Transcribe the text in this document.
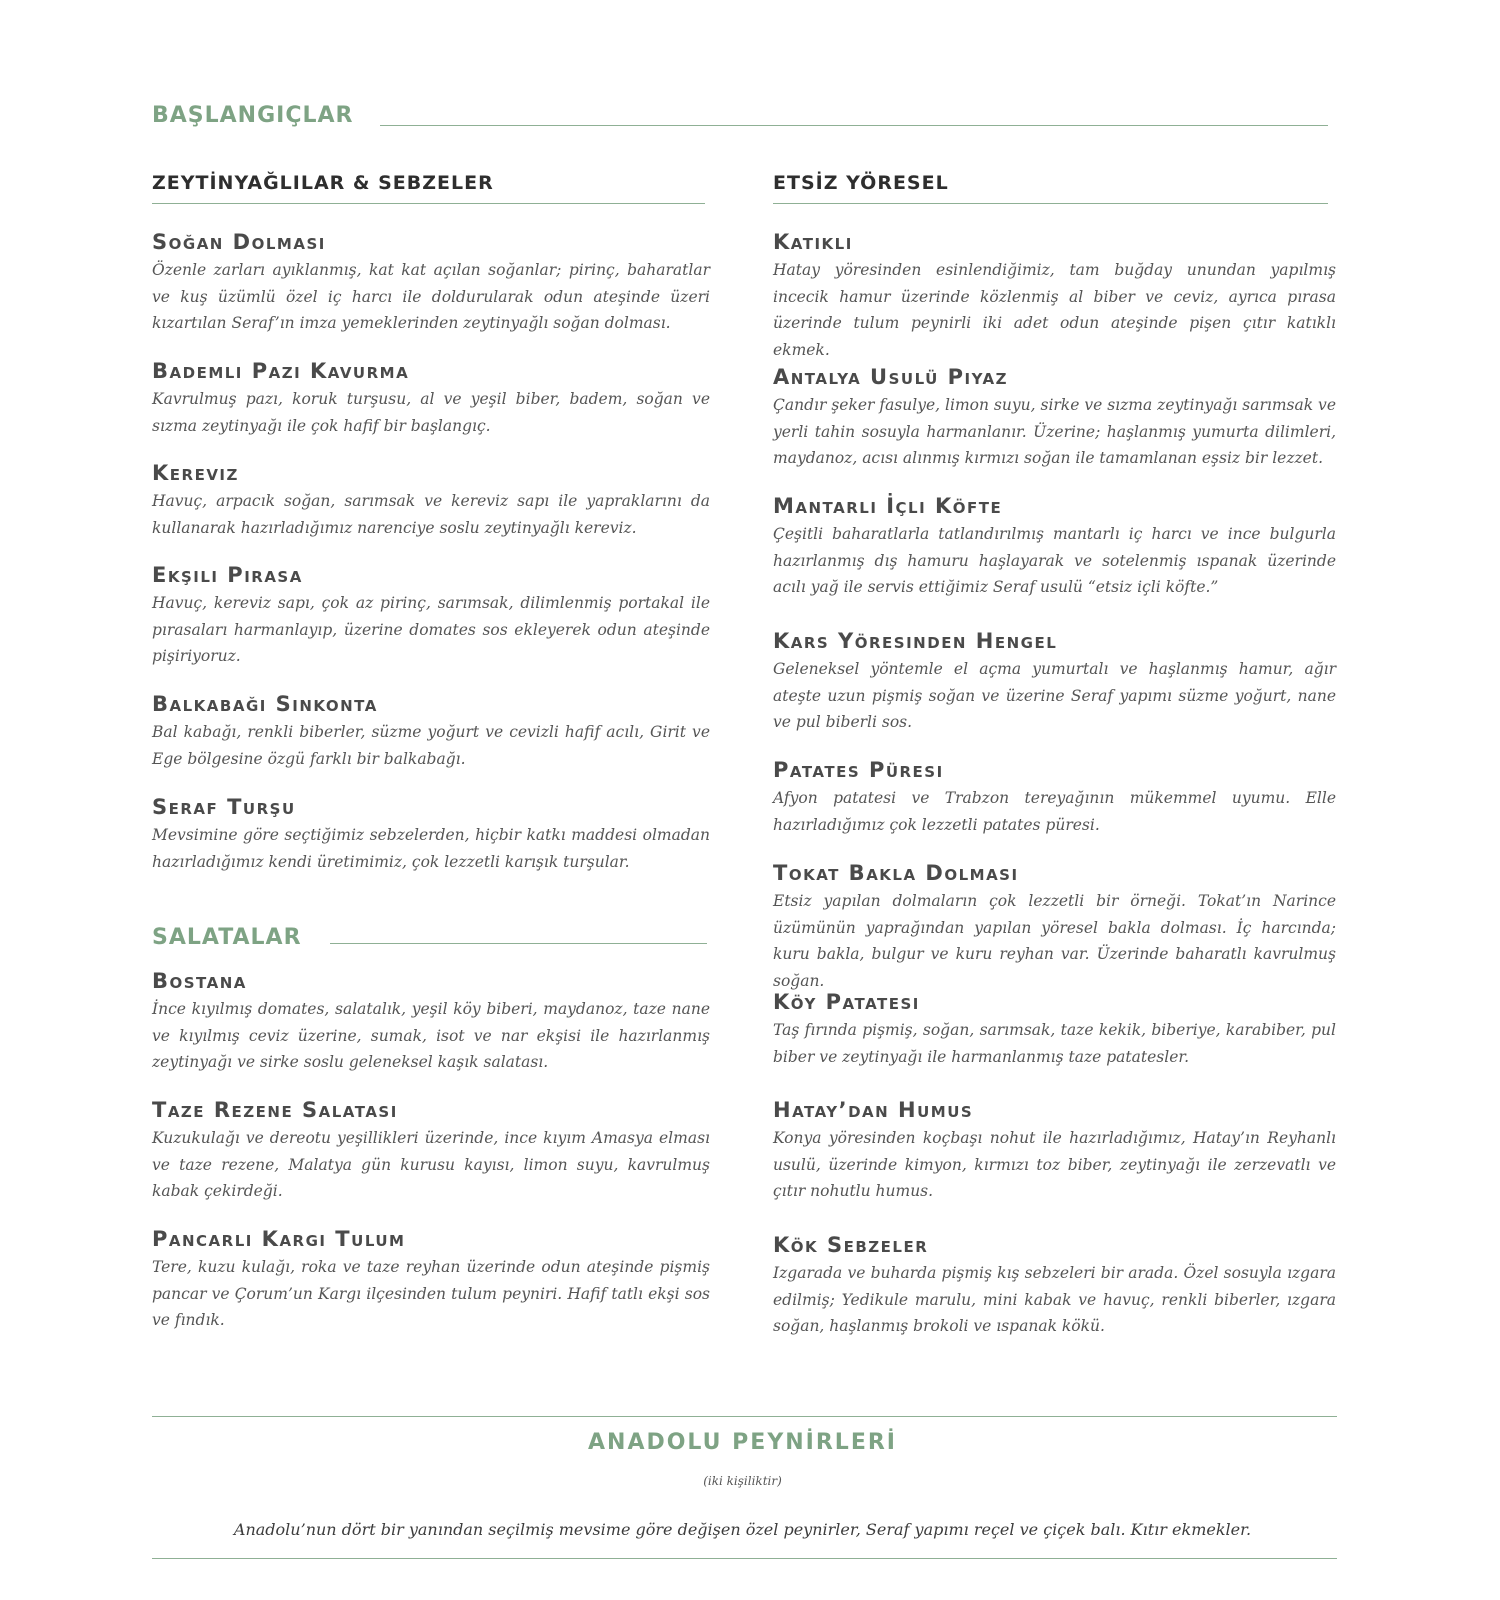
BAŞLANGIÇLAR
ZEYTİNYAĞLILAR & SEBZELER	ETSİZ YÖRESEL
Soğan Dolması

Özenle zarları ayıklanmış, kat kat açılan soğanlar; pirinç, baharatlar ve kuş üzümlü özel iç harcı ile doldurularak odun ateşinde üzeri kızartılan Seraf’ın imza yemeklerinden zeytinyağlı soğan dolması.

Bademli Pazı Kavurma

Kavrulmuş pazı, koruk turşusu, al ve yeşil biber, badem, soğan ve sızma zeytinyağı ile çok hafif bir başlangıç.

Kereviz

Havuç, arpacık soğan, sarımsak ve kereviz sapı ile yapraklarını da kullanarak hazırladığımız narenciye soslu zeytinyağlı kereviz.

Ekşili Pırasa

Havuç, kereviz sapı, çok az pirinç, sarımsak, dilimlenmiş portakal ile pırasaları harmanlayıp, üzerine domates sos ekleyerek odun ateşinde pişiriyoruz.

Balkabağı Sinkonta

Bal kabağı, renkli biberler, süzme yoğurt ve cevizli hafif acılı, Girit ve Ege bölgesine özgü farklı bir balkabağı.

Seraf Turşu

Mevsimine göre seçtiğimiz sebzelerden, hiçbir katkı maddesi olmadan hazırladığımız kendi üretimimiz, çok lezzetli karışık turşular.

SALATALAR
Bostana

İnce kıyılmış domates, salatalık, yeşil köy biberi, maydanoz, taze nane ve kıyılmış ceviz üzerine, sumak, isot ve nar ekşisi ile hazırlanmış zeytinyağı ve sirke soslu geleneksel kaşık salatası.

Taze Rezene Salatası

Kuzukulağı ve dereotu yeşillikleri üzerinde, ince kıyım Amasya elması ve taze rezene, Malatya gün kurusu kayısı, limon suyu, kavrulmuş kabak çekirdeği.

Pancarlı Kargı Tulum

Tere, kuzu kulağı, roka ve taze reyhan üzerinde odun ateşinde pişmiş pancar ve Çorum’un Kargı ilçesinden tulum peyniri. Hafif tatlı ekşi sos ve fındık.

Katıklı

Hatay yöresinden esinlendiğimiz, tam buğday unundan yapılmış incecik hamur üzerinde közlenmiş al biber ve ceviz, ayrıca pırasa üzerinde tulum peynirli iki adet odun ateşinde pişen çıtır katıklı ekmek.

Antalya Usulü Piyaz

Çandır şeker fasulye, limon suyu, sirke ve sızma zeytinyağı sarımsak ve yerli tahin sosuyla harmanlanır. Üzerine; haşlanmış yumurta dilimleri, maydanoz, acısı alınmış kırmızı soğan ile tamamlanan eşsiz bir lezzet.

Mantarlı İçli Köfte

Çeşitli baharatlarla tatlandırılmış mantarlı iç harcı ve ince bulgurla hazırlanmış dış hamuru haşlayarak ve sotelenmiş ıspanak üzerinde acılı yağ ile servis ettiğimiz Seraf usulü “etsiz içli köfte.”

Kars Yöresinden Hengel

Geleneksel yöntemle el açma yumurtalı ve haşlanmış hamur, ağır ateşte uzun pişmiş soğan ve üzerine Seraf yapımı süzme yoğurt, nane ve pul biberli sos.

Patates Püresi

Afyon patatesi ve Trabzon tereyağının mükemmel uyumu. Elle hazırladığımız çok lezzetli patates püresi.

Tokat Bakla Dolması

Etsiz yapılan dolmaların çok lezzetli bir örneği. Tokat’ın Narince üzümünün yaprağından yapılan yöresel bakla dolması. İç harcında; kuru bakla, bulgur ve kuru reyhan var. Üzerinde baharatlı kavrulmuş soğan.

Köy Patatesi

Taş fırında pişmiş, soğan, sarımsak, taze kekik, biberiye, karabiber, pul biber ve zeytinyağı ile harmanlanmış taze patatesler.

Hatay’dan Humus

Konya yöresinden koçbaşı nohut ile hazırladığımız, Hatay’ın Reyhanlı usulü, üzerinde kimyon, kırmızı toz biber, zeytinyağı ile zerzevatlı ve çıtır nohutlu humus.

Kök Sebzeler

Izgarada ve buharda pişmiş kış sebzeleri bir arada. Özel sosuyla ızgara edilmiş; Yedikule marulu, mini kabak ve havuç, renkli biberler, ızgara soğan, haşlanmış brokoli ve ıspanak kökü.

ANADOLU PEYNİRLERİ

(iki kişiliktir)

Anadolu’nun dört bir yanından seçilmiş mevsime göre değişen özel peynirler, Seraf yapımı reçel ve çiçek balı. Kıtır ekmekler.
